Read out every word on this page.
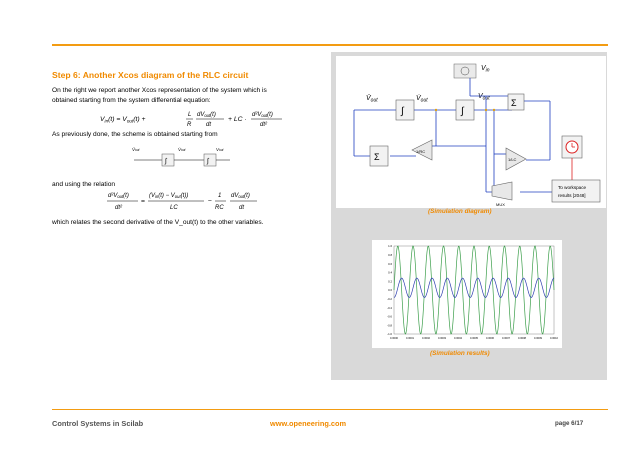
Step 6: Another Xcos diagram of the RLC circuit
On the right we report another Xcos representation of the system which is
obtained starting from the system differential equation:
$V_{in}(t) = V_{out}(t)$ +
L
R
dVout(t)
dt
+ LC ·
d²Vout(t)
dt²
As previously done, the scheme is obtained starting from
V̈out
∫
V̇out
∫
Vout
and using the relation
d²Vout(t)
dt²
=
(Vin(t) − Vout(t))
LC
−
1
RC
dVout(t)
dt
which relates the second derivative of the V_out(t) to the other variables.
$V_{in}$
$V̈_{out}$	$V̇_{out}$
$V_{out}$
∫	∫
Σ
Σ
1/RC
1/LC
MUX
To workspace
results [2048]
(Simulation diagram)
1.0
0.8
0.6
0.4
0.2
0.0
-0.2
-0.4
-0.6
-0.8
-1.0
0.0000	0.0001	0.0002	0.0003	0.0004	0.0005	0.0006	0.0007	0.0008	0.0009	0.0010
(Simulation results)
Control Systems in Scilab	www.openeering.com	page 6/17
